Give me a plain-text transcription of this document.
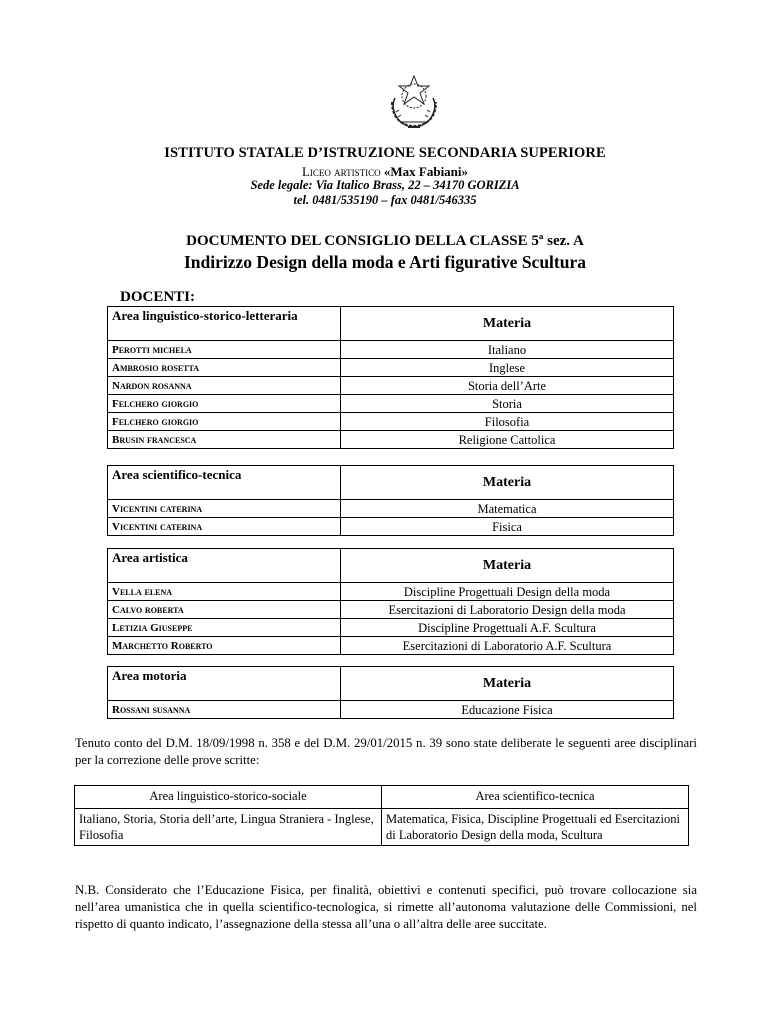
ISTITUTO STATALE D’ISTRUZIONE SECONDARIA SUPERIORE
Liceo artistico «Max Fabiani»
Sede legale: Via Italico Brass, 22 – 34170 GORIZIA
tel. 0481/535190 – fax 0481/546335
DOCUMENTO DEL CONSIGLIO DELLA CLASSE 5ª sez. A
Indirizzo Design della moda e Arti figurative Scultura
DOCENTI:
Area linguistico-storico-letteraria	Materia
Perotti michela	Italiano
Ambrosio rosetta	Inglese
Nardon rosanna	Storia dell’Arte
Felchero giorgio	Storia
Felchero giorgio	Filosofia
Brusin francesca	Religione Cattolica
Area scientifico-tecnica	Materia
Vicentini caterina	Matematica
Vicentini caterina	Fisica
Area artistica	Materia
Vella elena	Discipline Progettuali Design della moda
Calvo roberta	Esercitazioni di Laboratorio Design della moda
Letizia Giuseppe	Discipline Progettuali A.F. Scultura
Marchetto Roberto	Esercitazioni di Laboratorio A.F. Scultura
Area motoria	Materia
Rossani susanna	Educazione Fisica
Tenuto conto del D.M. 18/09/1998 n. 358 e del D.M. 29/01/2015 n. 39 sono state deliberate le seguenti aree disciplinari per la correzione delle prove scritte:
Area linguistico-storico-sociale	Area scientifico-tecnica
Italiano, Storia, Storia dell’arte, Lingua Straniera - Inglese, Filosofia	Matematica, Fisica, Discipline Progettuali ed Esercitazioni di Laboratorio Design della moda, Scultura
N.B. Considerato che l’Educazione Fisica, per finalità, obiettivi e contenuti specifici, può trovare collocazione sia nell’area umanistica che in quella scientifico-tecnologica, si rimette all’autonoma valutazione delle Commissioni, nel rispetto di quanto indicato, l’assegnazione della stessa all’una o all’altra delle aree succitate.
